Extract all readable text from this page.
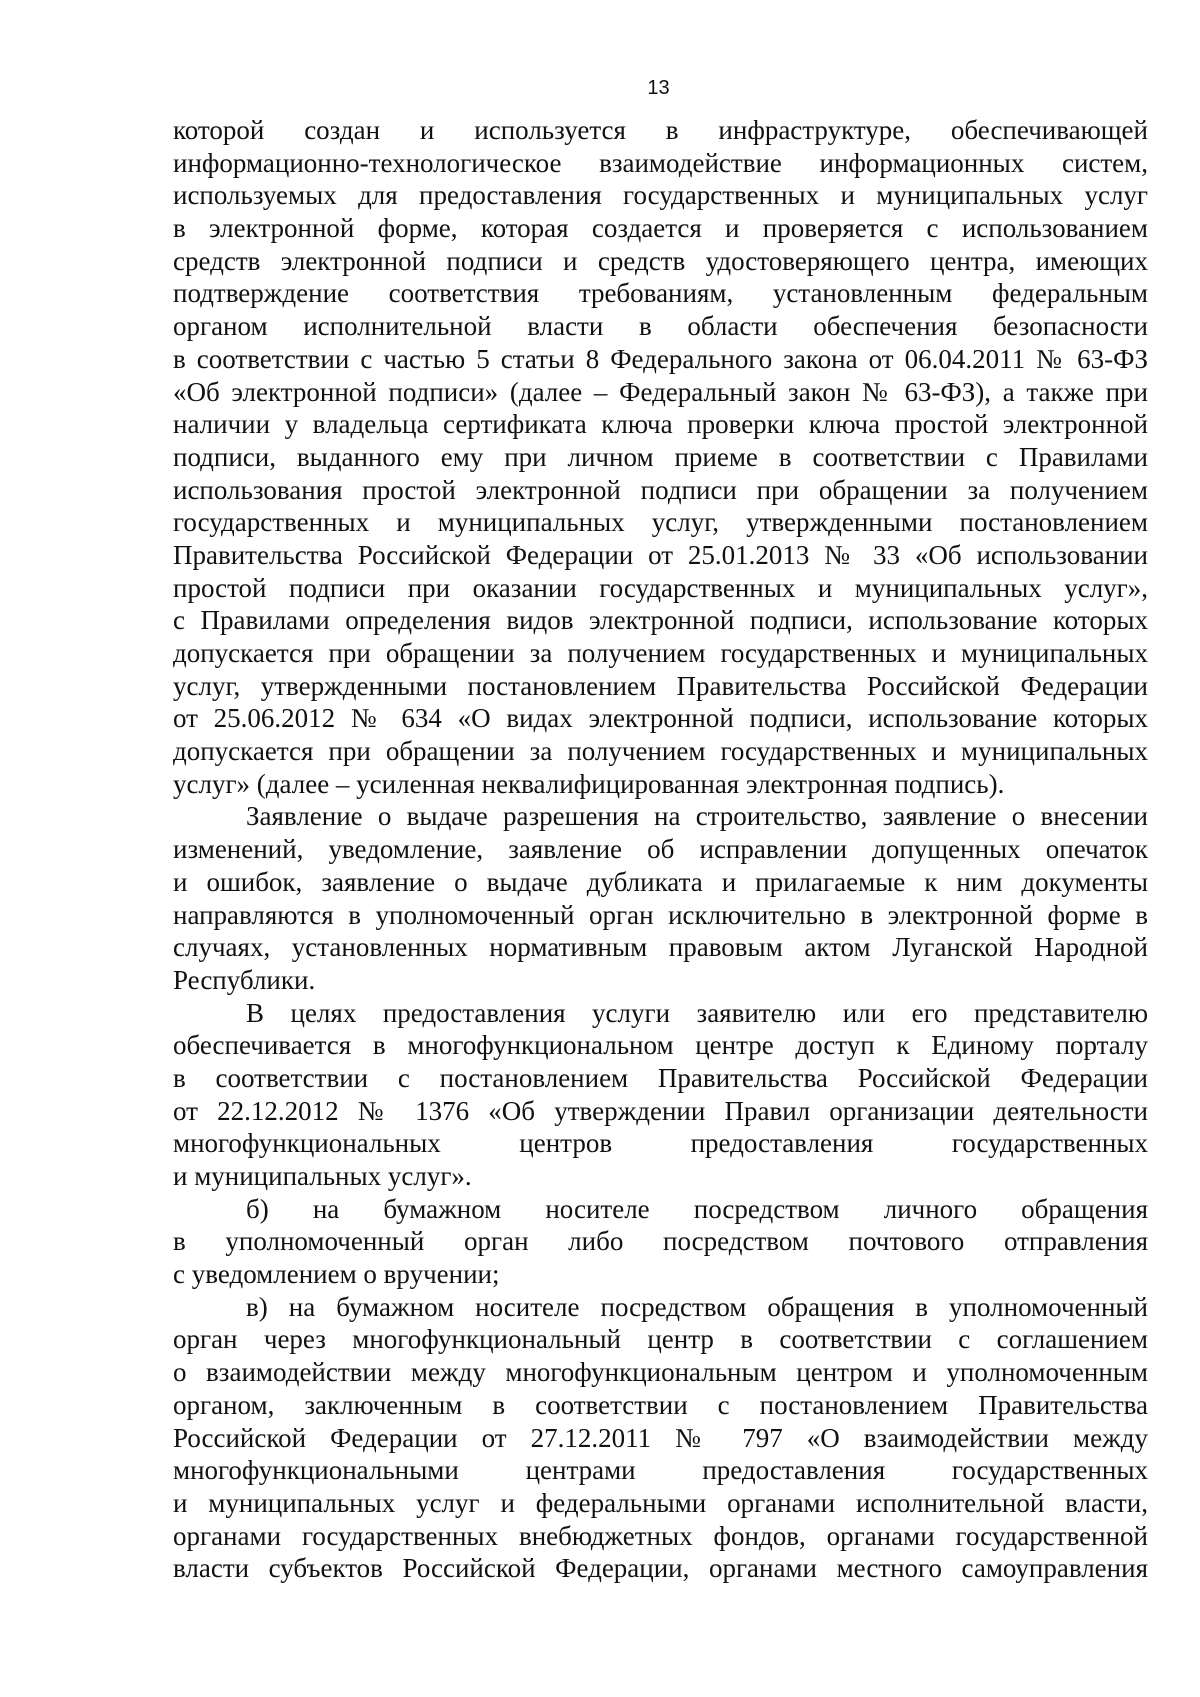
13
которой создан и используется в инфраструктуре, обеспечивающей
информационно-технологическое взаимодействие информационных систем,
используемых для предоставления государственных и муниципальных услуг
в электронной форме, которая создается и проверяется с использованием
средств электронной подписи и средств удостоверяющего центра, имеющих
подтверждение соответствия требованиям, установленным федеральным
органом исполнительной власти в области обеспечения безопасности
в соответствии с частью 5 статьи 8 Федерального закона от 06.04.2011 № 63-ФЗ
«Об электронной подписи» (далее – Федеральный закон № 63-ФЗ), а также при
наличии у владельца сертификата ключа проверки ключа простой электронной
подписи, выданного ему при личном приеме в соответствии с Правилами
использования простой электронной подписи при обращении за получением
государственных и муниципальных услуг, утвержденными постановлением
Правительства Российской Федерации от 25.01.2013 № 33 «Об использовании
простой подписи при оказании государственных и муниципальных услуг»,
с Правилами определения видов электронной подписи, использование которых
допускается при обращении за получением государственных и муниципальных
услуг, утвержденными постановлением Правительства Российской Федерации
от 25.06.2012 № 634 «О видах электронной подписи, использование которых
допускается при обращении за получением государственных и муниципальных
услуг» (далее – усиленная неквалифицированная электронная подпись).
Заявление о выдаче разрешения на строительство, заявление о внесении
изменений, уведомление, заявление об исправлении допущенных опечаток
и ошибок, заявление о выдаче дубликата и прилагаемые к ним документы
направляются в уполномоченный орган исключительно в электронной форме в
случаях, установленных нормативным правовым актом Луганской Народной
Республики.
В целях предоставления услуги заявителю или его представителю
обеспечивается в многофункциональном центре доступ к Единому порталу
в соответствии с постановлением Правительства Российской Федерации
от 22.12.2012 № 1376 «Об утверждении Правил организации деятельности
многофункциональных центров предоставления государственных
и муниципальных услуг».
б) на бумажном носителе посредством личного обращения
в уполномоченный орган либо посредством почтового отправления
с уведомлением о вручении;
в) на бумажном носителе посредством обращения в уполномоченный
орган через многофункциональный центр в соответствии с соглашением
о взаимодействии между многофункциональным центром и уполномоченным
органом, заключенным в соответствии с постановлением Правительства
Российской Федерации от 27.12.2011 № 797 «О взаимодействии между
многофункциональными центрами предоставления государственных
и муниципальных услуг и федеральными органами исполнительной власти,
органами государственных внебюджетных фондов, органами государственной
власти субъектов Российской Федерации, органами местного самоуправления
